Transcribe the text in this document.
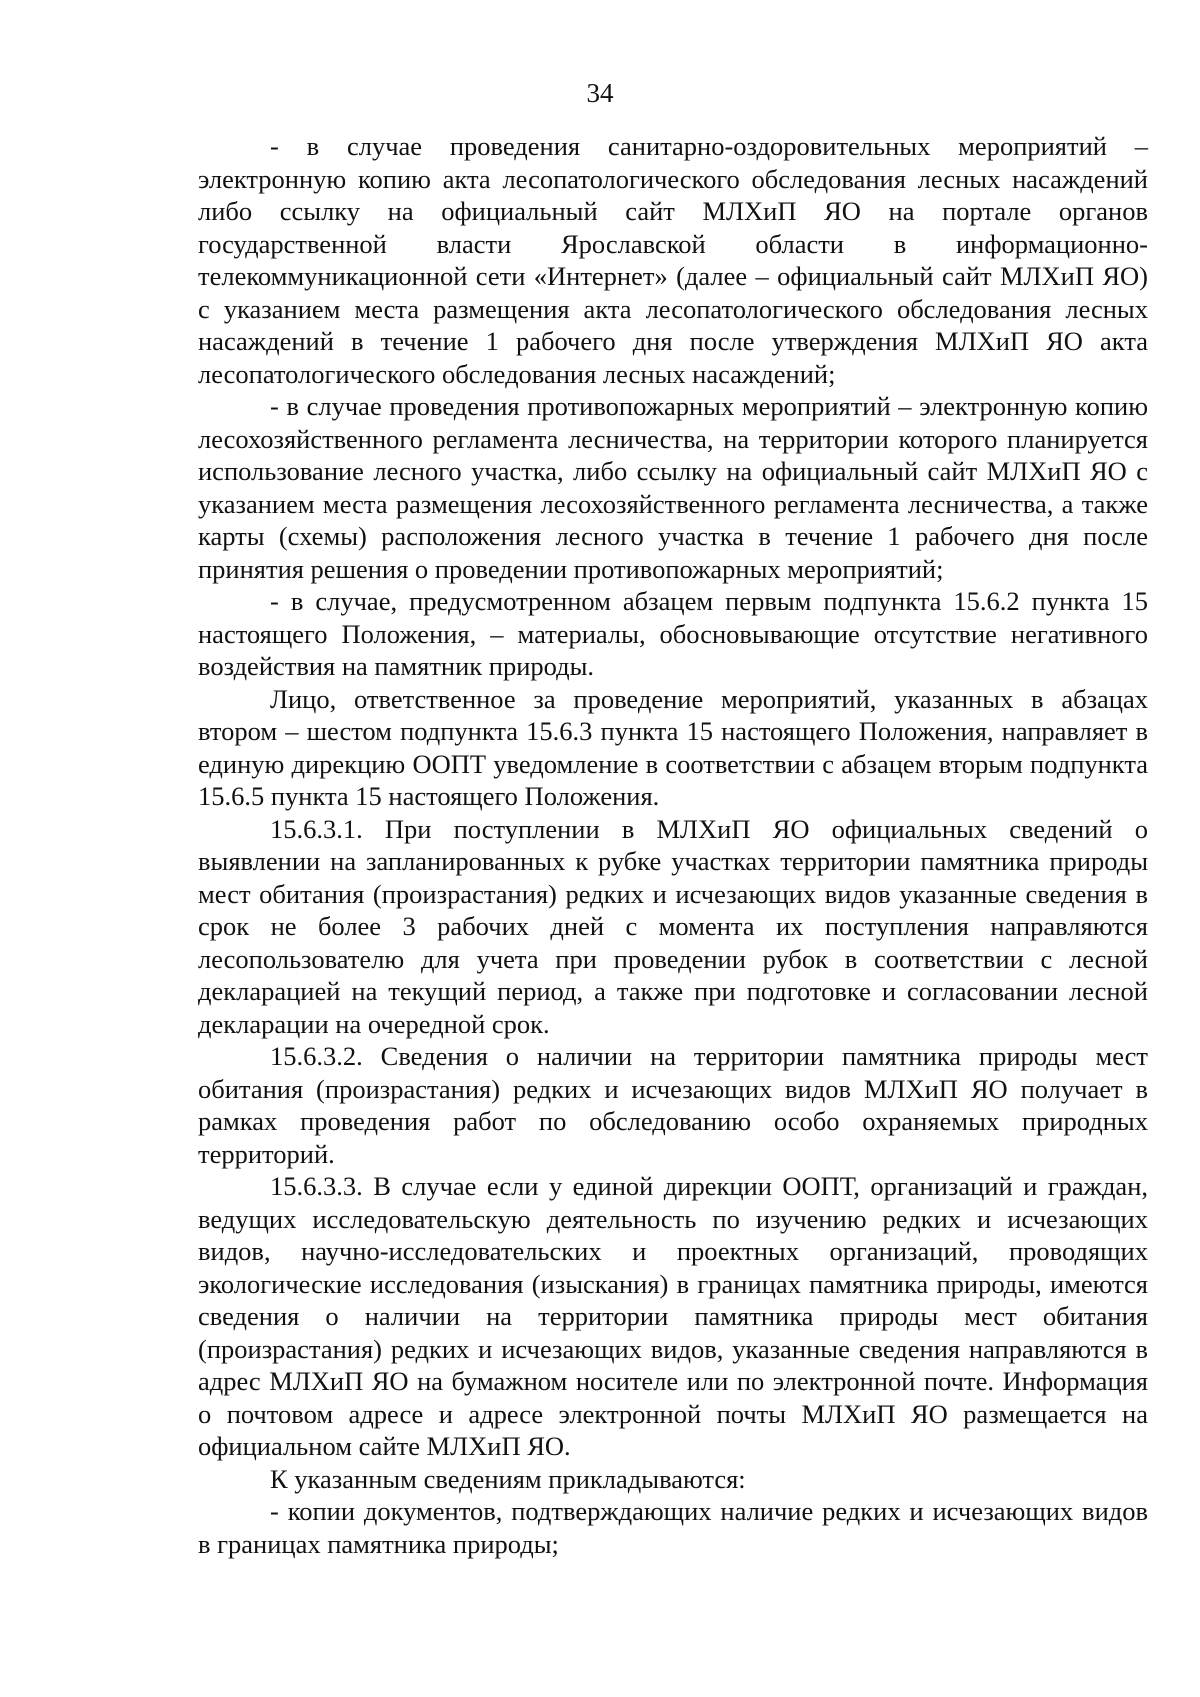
34

- в случае проведения санитарно-оздоровительных мероприятий – электронную копию акта лесопатологического обследования лесных насаждений либо ссылку на официальный сайт МЛХиП ЯО на портале органов государственной власти Ярославской области в информационно-телекоммуникационной сети «Интернет» (далее – официальный сайт МЛХиП ЯО) с указанием места размещения акта лесопатологического обследования лесных насаждений в течение 1 рабочего дня после утверждения МЛХиП ЯО акта лесопатологического обследования лесных насаждений;

- в случае проведения противопожарных мероприятий – электронную копию лесохозяйственного регламента лесничества, на территории которого планируется использование лесного участка, либо ссылку на официальный сайт МЛХиП ЯО с указанием места размещения лесохозяйственного регламента лесничества, а также карты (схемы) расположения лесного участка в течение 1 рабочего дня после принятия решения о проведении противопожарных мероприятий;

- в случае, предусмотренном абзацем первым подпункта 15.6.2 пункта 15 настоящего Положения, – материалы, обосновывающие отсутствие негативного воздействия на памятник природы.

Лицо, ответственное за проведение мероприятий, указанных в абзацах втором – шестом подпункта 15.6.3 пункта 15 настоящего Положения, направляет в единую дирекцию ООПТ уведомление в соответствии с абзацем вторым подпункта 15.6.5 пункта 15 настоящего Положения.

15.6.3.1. При поступлении в МЛХиП ЯО официальных сведений о выявлении на запланированных к рубке участках территории памятника природы мест обитания (произрастания) редких и исчезающих видов указанные сведения в срок не более 3 рабочих дней с момента их поступления направляются лесопользователю для учета при проведении рубок в соответствии с лесной декларацией на текущий период, а также при подготовке и согласовании лесной декларации на очередной срок.

15.6.3.2. Сведения о наличии на территории памятника природы мест обитания (произрастания) редких и исчезающих видов МЛХиП ЯО получает в рамках проведения работ по обследованию особо охраняемых природных территорий.

15.6.3.3. В случае если у единой дирекции ООПТ, организаций и граждан, ведущих исследовательскую деятельность по изучению редких и исчезающих видов, научно-исследовательских и проектных организаций, проводящих экологические исследования (изыскания) в границах памятника природы, имеются сведения о наличии на территории памятника природы мест обитания (произрастания) редких и исчезающих видов, указанные сведения направляются в адрес МЛХиП ЯО на бумажном носителе или по электронной почте. Информация о почтовом адресе и адресе электронной почты МЛХиП ЯО размещается на официальном сайте МЛХиП ЯО.

К указанным сведениям прикладываются:

- копии документов, подтверждающих наличие редких и исчезающих видов в границах памятника природы;
